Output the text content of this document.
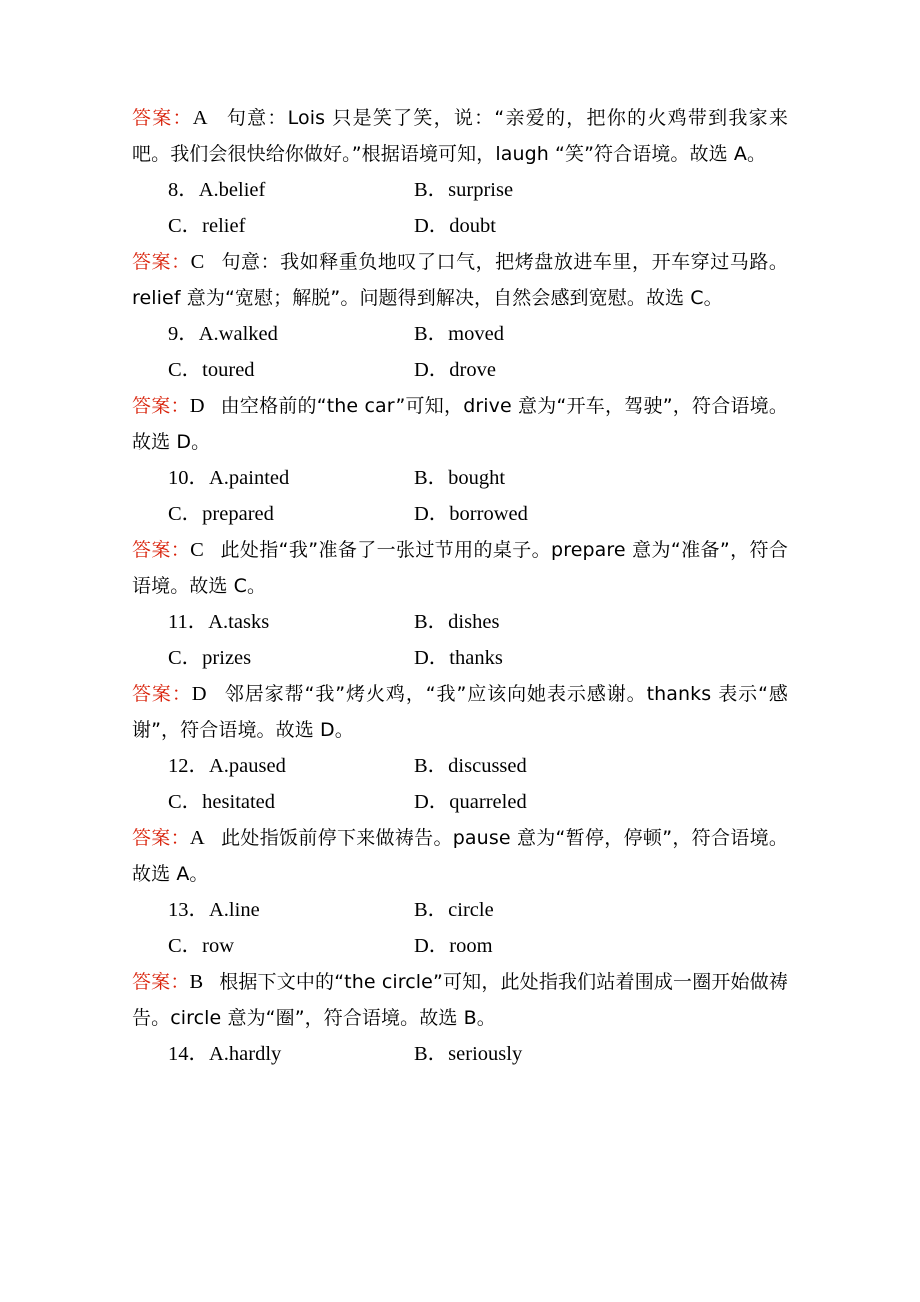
答案：A 句意：Lois 只是笑了笑，说：“亲爱的，把你的火鸡带到我家来吧。我们会很快给你做好。”根据语境可知，laugh “笑”符合语境。故选 A。
8．A.belief	B．surprise
C．relief	D．doubt
答案：C 句意：我如释重负地叹了口气，把烤盘放进车里，开车穿过马路。relief 意为“宽慰；解脱”。问题得到解决，自然会感到宽慰。故选 C。
9．A.walked	B．moved
C．toured	D．drove
答案：D 由空格前的“the car”可知，drive 意为“开车，驾驶”，符合语境。故选 D。
10．A.painted	B．bought
C．prepared	D．borrowed
答案：C 此处指“我”准备了一张过节用的桌子。prepare 意为“准备”，符合语境。故选 C。
11．A.tasks	B．dishes
C．prizes	D．thanks
答案：D 邻居家帮“我”烤火鸡，“我”应该向她表示感谢。thanks 表示“感谢”，符合语境。故选 D。
12．A.paused	B．discussed
C．hesitated	D．quarreled
答案：A 此处指饭前停下来做祷告。pause 意为“暂停，停顿”，符合语境。故选 A。
13．A.line	B．circle
C．row	D．room
答案：B 根据下文中的“the circle”可知，此处指我们站着围成一圈开始做祷告。circle 意为“圈”，符合语境。故选 B。
14．A.hardly	B．seriously
